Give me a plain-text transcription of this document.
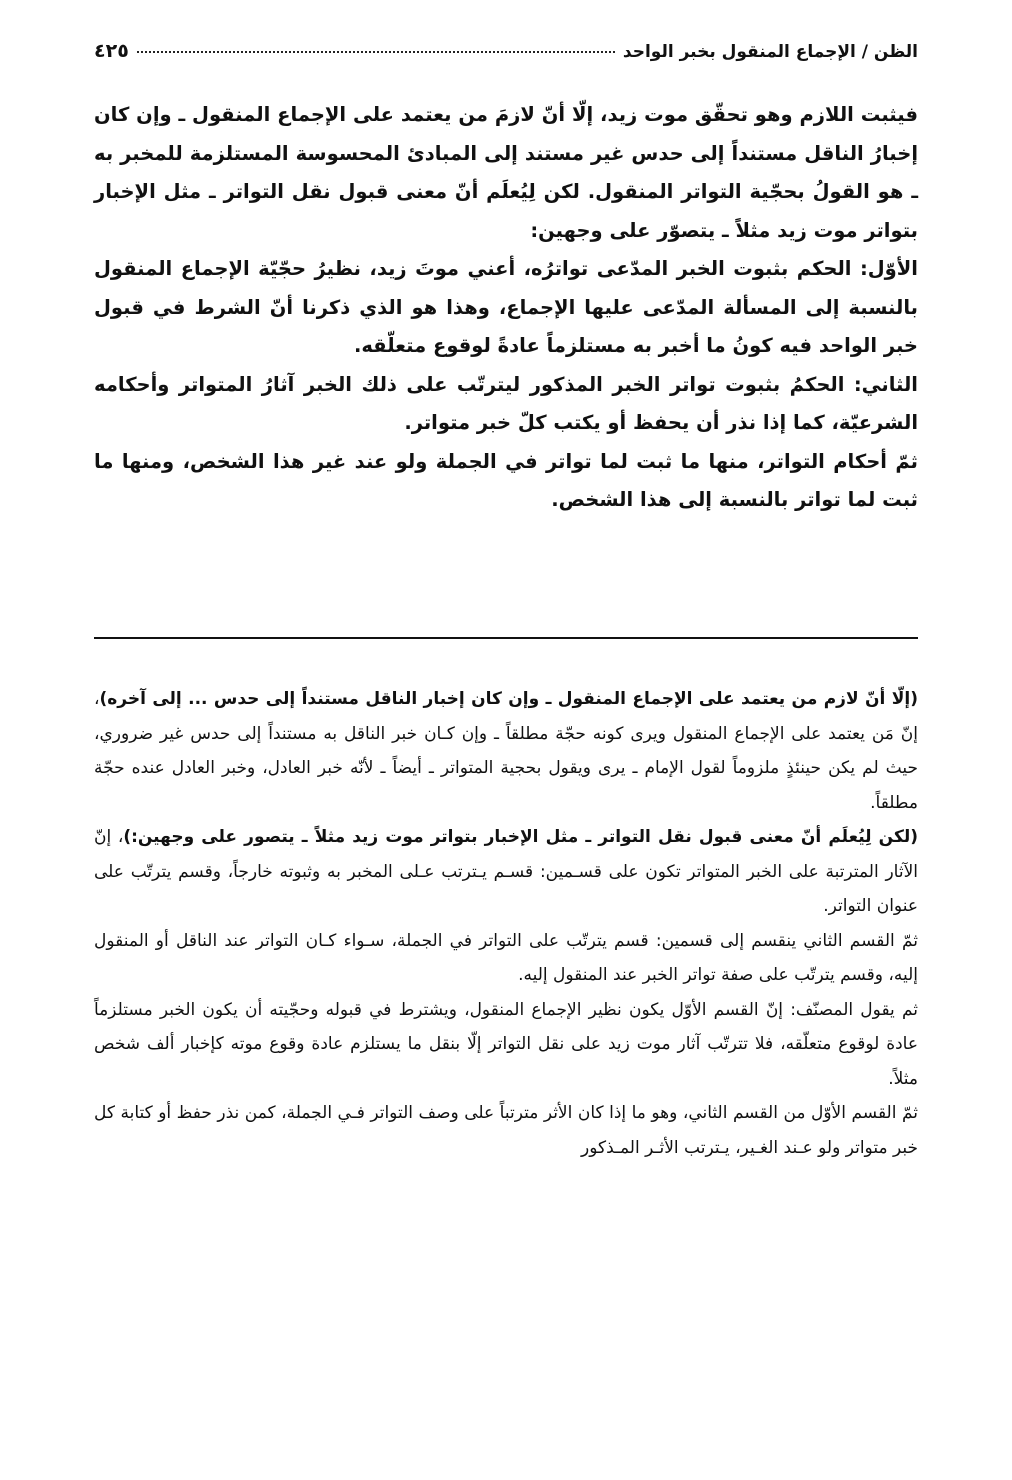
الظن / الإجماع المنقول بخبر الواحد
٤٢٥

فيثبت اللازم وهو تحقّق موت زيد، إلّا أنّ لازمَ من يعتمد على الإجماع المنقول ـ وإن كان إخبارُ الناقل مستنداً إلى حدس غير مستند إلى المبادئ المحسوسة المستلزمة للمخبر به ـ هو القولُ بحجّية التواتر المنقول. لكن لِيُعلَم أنّ معنى قبول نقل التواتر ـ مثل الإخبار بتواتر موت زيد مثلاً ـ يتصوّر على وجهين:

الأوّل: الحكم بثبوت الخبر المدّعى تواترُه، أعني موتَ زيد، نظيرُ حجّيّة الإجماع المنقول بالنسبة إلى المسألة المدّعى عليها الإجماع، وهذا هو الذي ذكرنا أنّ الشرط في قبول خبر الواحد فيه كونُ ما أخبر به مستلزماً عادةً لوقوع متعلّقه.

الثاني: الحكمُ بثبوت تواتر الخبر المذكور ليترتّب على ذلك الخبر آثارُ المتواتر وأحكامه الشرعيّة، كما إذا نذر أن يحفظ أو يكتب كلّ خبر متواتر.

ثمّ أحكام التواتر، منها ما ثبت لما تواتر في الجملة ولو عند غير هذا الشخص، ومنها ما ثبت لما تواتر بالنسبة إلى هذا الشخص.

(إلّا أنّ لازم من يعتمد على الإجماع المنقول ـ وإن كان إخبار الناقل مستنداً إلى حدس ... إلى آخره)، إنّ مَن يعتمد على الإجماع المنقول ويرى كونه حجّة مطلقاً ـ وإن كـان خبر الناقل به مستنداً إلى حدس غير ضروري، حيث لم يكن حينئذٍ ملزوماً لقول الإمام ـ يرى ويقول بحجية المتواتر ـ أيضاً ـ لأنّه خبر العادل، وخبر العادل عنده حجّة مطلقاً.

(لكن لِيُعلَم أنّ معنى قبول نقل التواتر ـ مثل الإخبار بتواتر موت زيد مثلاً ـ يتصور على وجهين:)، إنّ الآثار المترتبة على الخبر المتواتر تكون على قسـمين: قسـم يـترتب عـلى المخبر به وثبوته خارجاً، وقسم يترتّب على عنوان التواتر.

ثمّ القسم الثاني ينقسم إلى قسمين: قسم يترتّب على التواتر في الجملة، سـواء كـان التواتر عند الناقل أو المنقول إليه، وقسم يترتّب على صفة تواتر الخبر عند المنقول إليه.

ثم يقول المصنّف: إنّ القسم الأوّل يكون نظير الإجماع المنقول، ويشترط في قبوله وحجّيته أن يكون الخبر مستلزماً عادة لوقوع متعلّقه، فلا تترتّب آثار موت زيد على نقل التواتر إلّا بنقل ما يستلزم عادة وقوع موته كإخبار ألف شخص مثلاً.

ثمّ القسم الأوّل من القسم الثاني، وهو ما إذا كان الأثر مترتباً على وصف التواتر فـي الجملة، كمن نذر حفظ أو كتابة كل خبر متواتر ولو عـند الغـير، يـترتب الأثـر المـذكور
